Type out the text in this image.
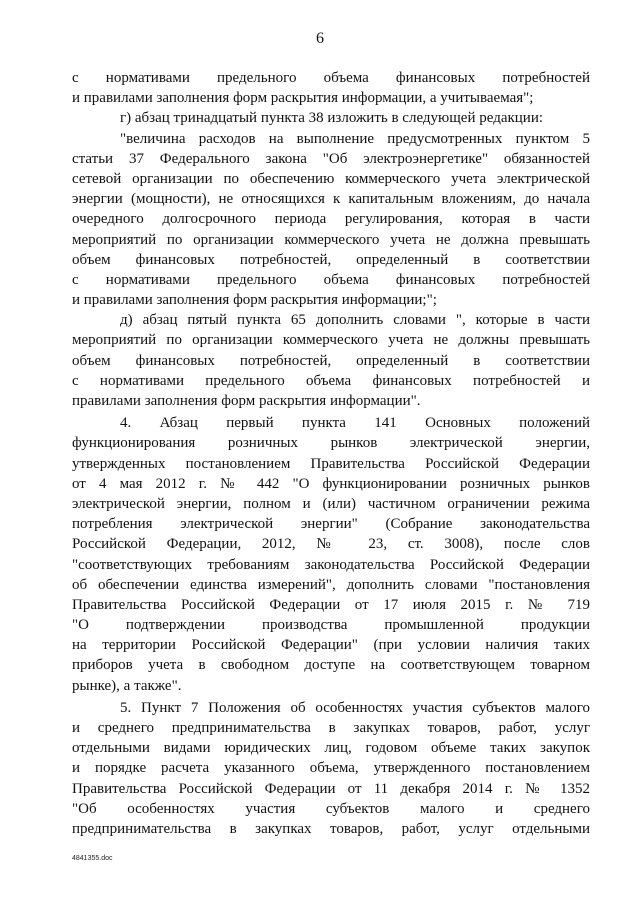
6
с нормативами предельного объема финансовых потребностей
и правилами заполнения форм раскрытия информации, а учитываемая";
г) абзац тринадцатый пункта 38 изложить в следующей редакции:
"величина расходов на выполнение предусмотренных пунктом 5
статьи 37 Федерального закона "Об электроэнергетике" обязанностей
сетевой организации по обеспечению коммерческого учета электрической
энергии (мощности), не относящихся к капитальным вложениям, до начала
очередного долгосрочного периода регулирования, которая в части
мероприятий по организации коммерческого учета не должна превышать
объем финансовых потребностей, определенный в соответствии
с нормативами предельного объема финансовых потребностей
и правилами заполнения форм раскрытия информации;";
д) абзац пятый пункта 65 дополнить словами ", которые в части
мероприятий по организации коммерческого учета не должны превышать
объем финансовых потребностей, определенный в соответствии
с нормативами предельного объема финансовых потребностей и
правилами заполнения форм раскрытия информации".
4. Абзац первый пункта 141 Основных положений
функционирования розничных рынков электрической энергии,
утвержденных постановлением Правительства Российской Федерации
от 4 мая 2012 г. № 442 "О функционировании розничных рынков
электрической энергии, полном и (или) частичном ограничении режима
потребления электрической энергии" (Собрание законодательства
Российской Федерации, 2012, № 23, ст. 3008), после слов
"соответствующих требованиям законодательства Российской Федерации
об обеспечении единства измерений", дополнить словами "постановления
Правительства Российской Федерации от 17 июля 2015 г. № 719
"О подтверждении производства промышленной продукции
на территории Российской Федерации" (при условии наличия таких
приборов учета в свободном доступе на соответствующем товарном
рынке), а также".
5. Пункт 7 Положения об особенностях участия субъектов малого
и среднего предпринимательства в закупках товаров, работ, услуг
отдельными видами юридических лиц, годовом объеме таких закупок
и порядке расчета указанного объема, утвержденного постановлением
Правительства Российской Федерации от 11 декабря 2014 г. № 1352
"Об особенностях участия субъектов малого и среднего
предпринимательства в закупках товаров, работ, услуг отдельными
4841355.doc
